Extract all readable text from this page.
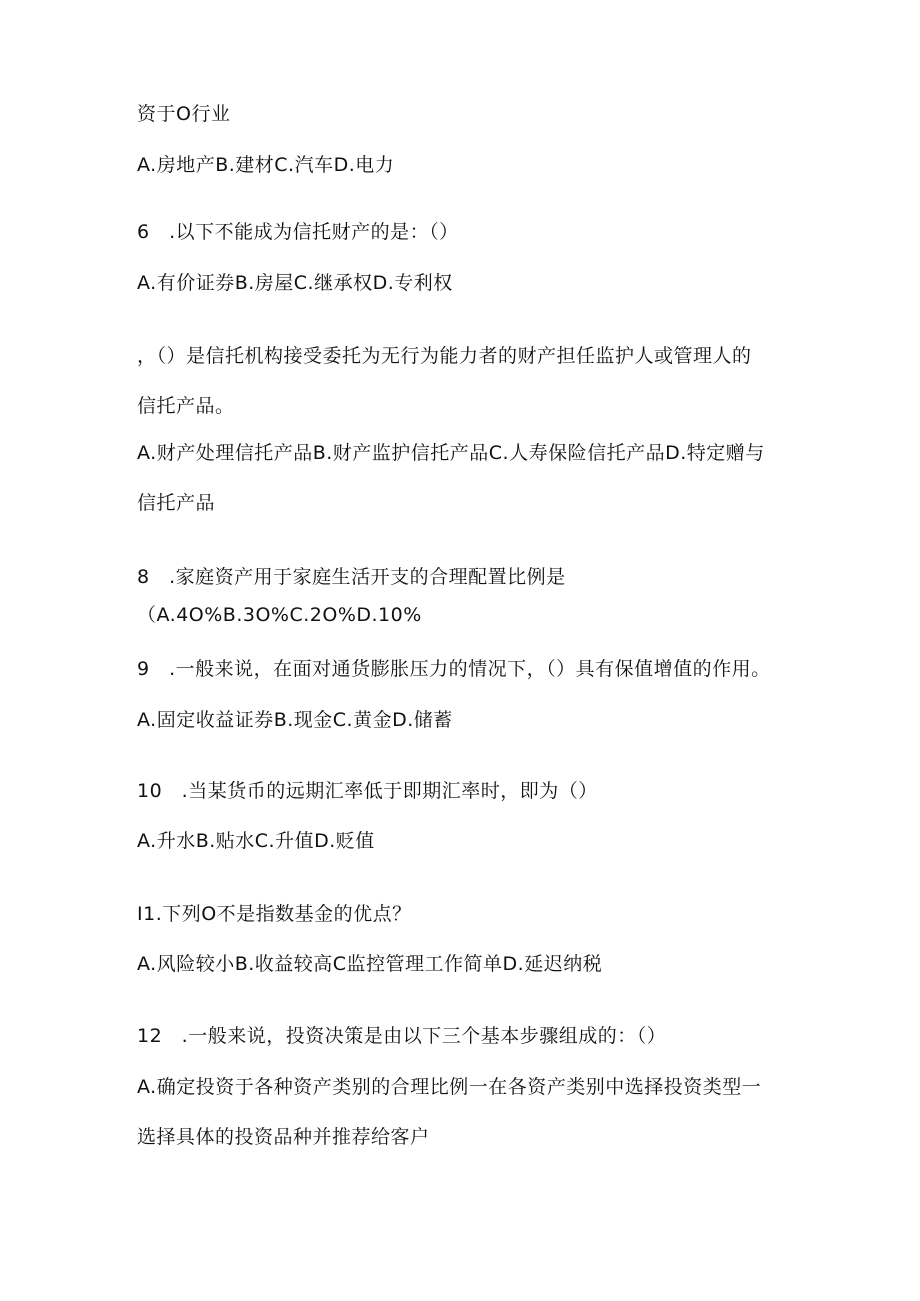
资于O行业
A.房地产B.建材C.汽车D.电力
6　.以下不能成为信托财产的是：（）
A.有价证券B.房屋C.继承权D.专利权
，（）是信托机构接受委托为无行为能力者的财产担任监护人或管理人的
信托产品。
A.财产处理信托产品B.财产监护信托产品C.人寿保险信托产品D.特定赠与
信托产品
8　.家庭资产用于家庭生活开支的合理配置比例是
（A.4O%B.3O%C.2O%D.10%
9　.一般来说，在面对通货膨胀压力的情况下，（）具有保值增值的作用。
A.固定收益证券B.现金C.黄金D.储蓄
10　.当某货币的远期汇率低于即期汇率时，即为（）
A.升水B.贴水C.升值D.贬值
I1.下列O不是指数基金的优点？
A.风险较小B.收益较高C监控管理工作简单D.延迟纳税
12　.一般来说，投资决策是由以下三个基本步骤组成的：（）
A.确定投资于各种资产类别的合理比例一在各资产类别中选择投资类型一
选择具体的投资品种并推荐给客户
